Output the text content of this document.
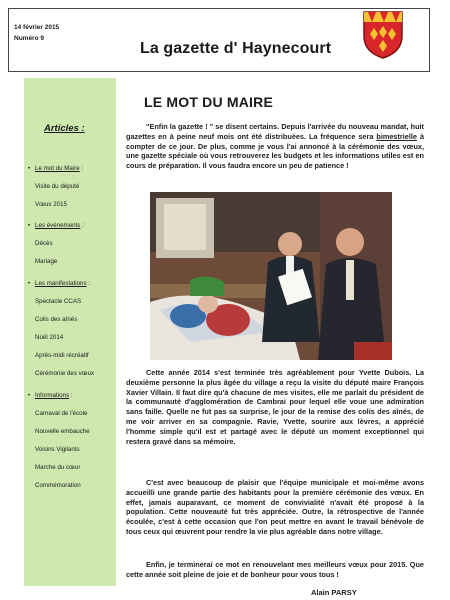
14 février 2015
Numéro 9
La gazette d' Haynecourt
Articles :
• Le mot du Maire :
Visite du député
Vœux 2015
• Les événements :
Décès
Mariage
• Les manifestations :
Spectacle CCAS
Colis des aînés
Noël 2014
Après-midi récréatif
Cérémonie des vœux
• Informations :
Carnaval de l'école
Nouvelle embauche
Voisins Vigilants
Marche du cœur
Commémoration
LE MOT DU MAIRE
"Enfin la gazette ! " se disent certains. Depuis l'arrivée du nouveau mandat, huit gazettes en à peine neuf mois ont été distribuées. La fréquence sera bimestrielle à compter de ce jour. De plus, comme je vous l'ai annoncé à la cérémonie des vœux, une gazette spéciale où vous retrouverez les budgets et les informations utiles est en cours de préparation. Il vous faudra encore un peu de patience !
Cette année 2014 s'est terminée très agréablement pour Yvette Dubois. La deuxième personne la plus âgée du village a reçu la visite du député maire François Xavier Villain. Il faut dire qu'à chacune de mes visites, elle me parlait du président de la communauté d'agglomération de Cambrai pour lequel elle voue une admiration sans faille. Quelle ne fut pas sa surprise, le jour de la remise des colis des aînés, de me voir arriver en sa compagnie. Ravie, Yvette, sourire aux lèvres, a apprécié l'homme simple qu'il est et partagé avec le député un moment exceptionnel qui restera gravé dans sa mémoire.
C'est avec beaucoup de plaisir que l'équipe municipale et moi-même avons accueilli une grande partie des habitants pour la première cérémonie des vœux. En effet, jamais auparavant, ce moment de convivialité n'avait été proposé à la population. Cette nouveauté fut très appréciée. Outre, la rétrospective de l'année écoulée, c'est à cette occasion que l'on peut mettre en avant le travail bénévole de tous ceux qui œuvrent pour rendre la vie plus agréable dans notre village.
Enfin, je terminerai ce mot en renouvelant mes meilleurs vœux pour 2015. Que cette année soit pleine de joie et de bonheur pour vous tous !
Alain PARSY
